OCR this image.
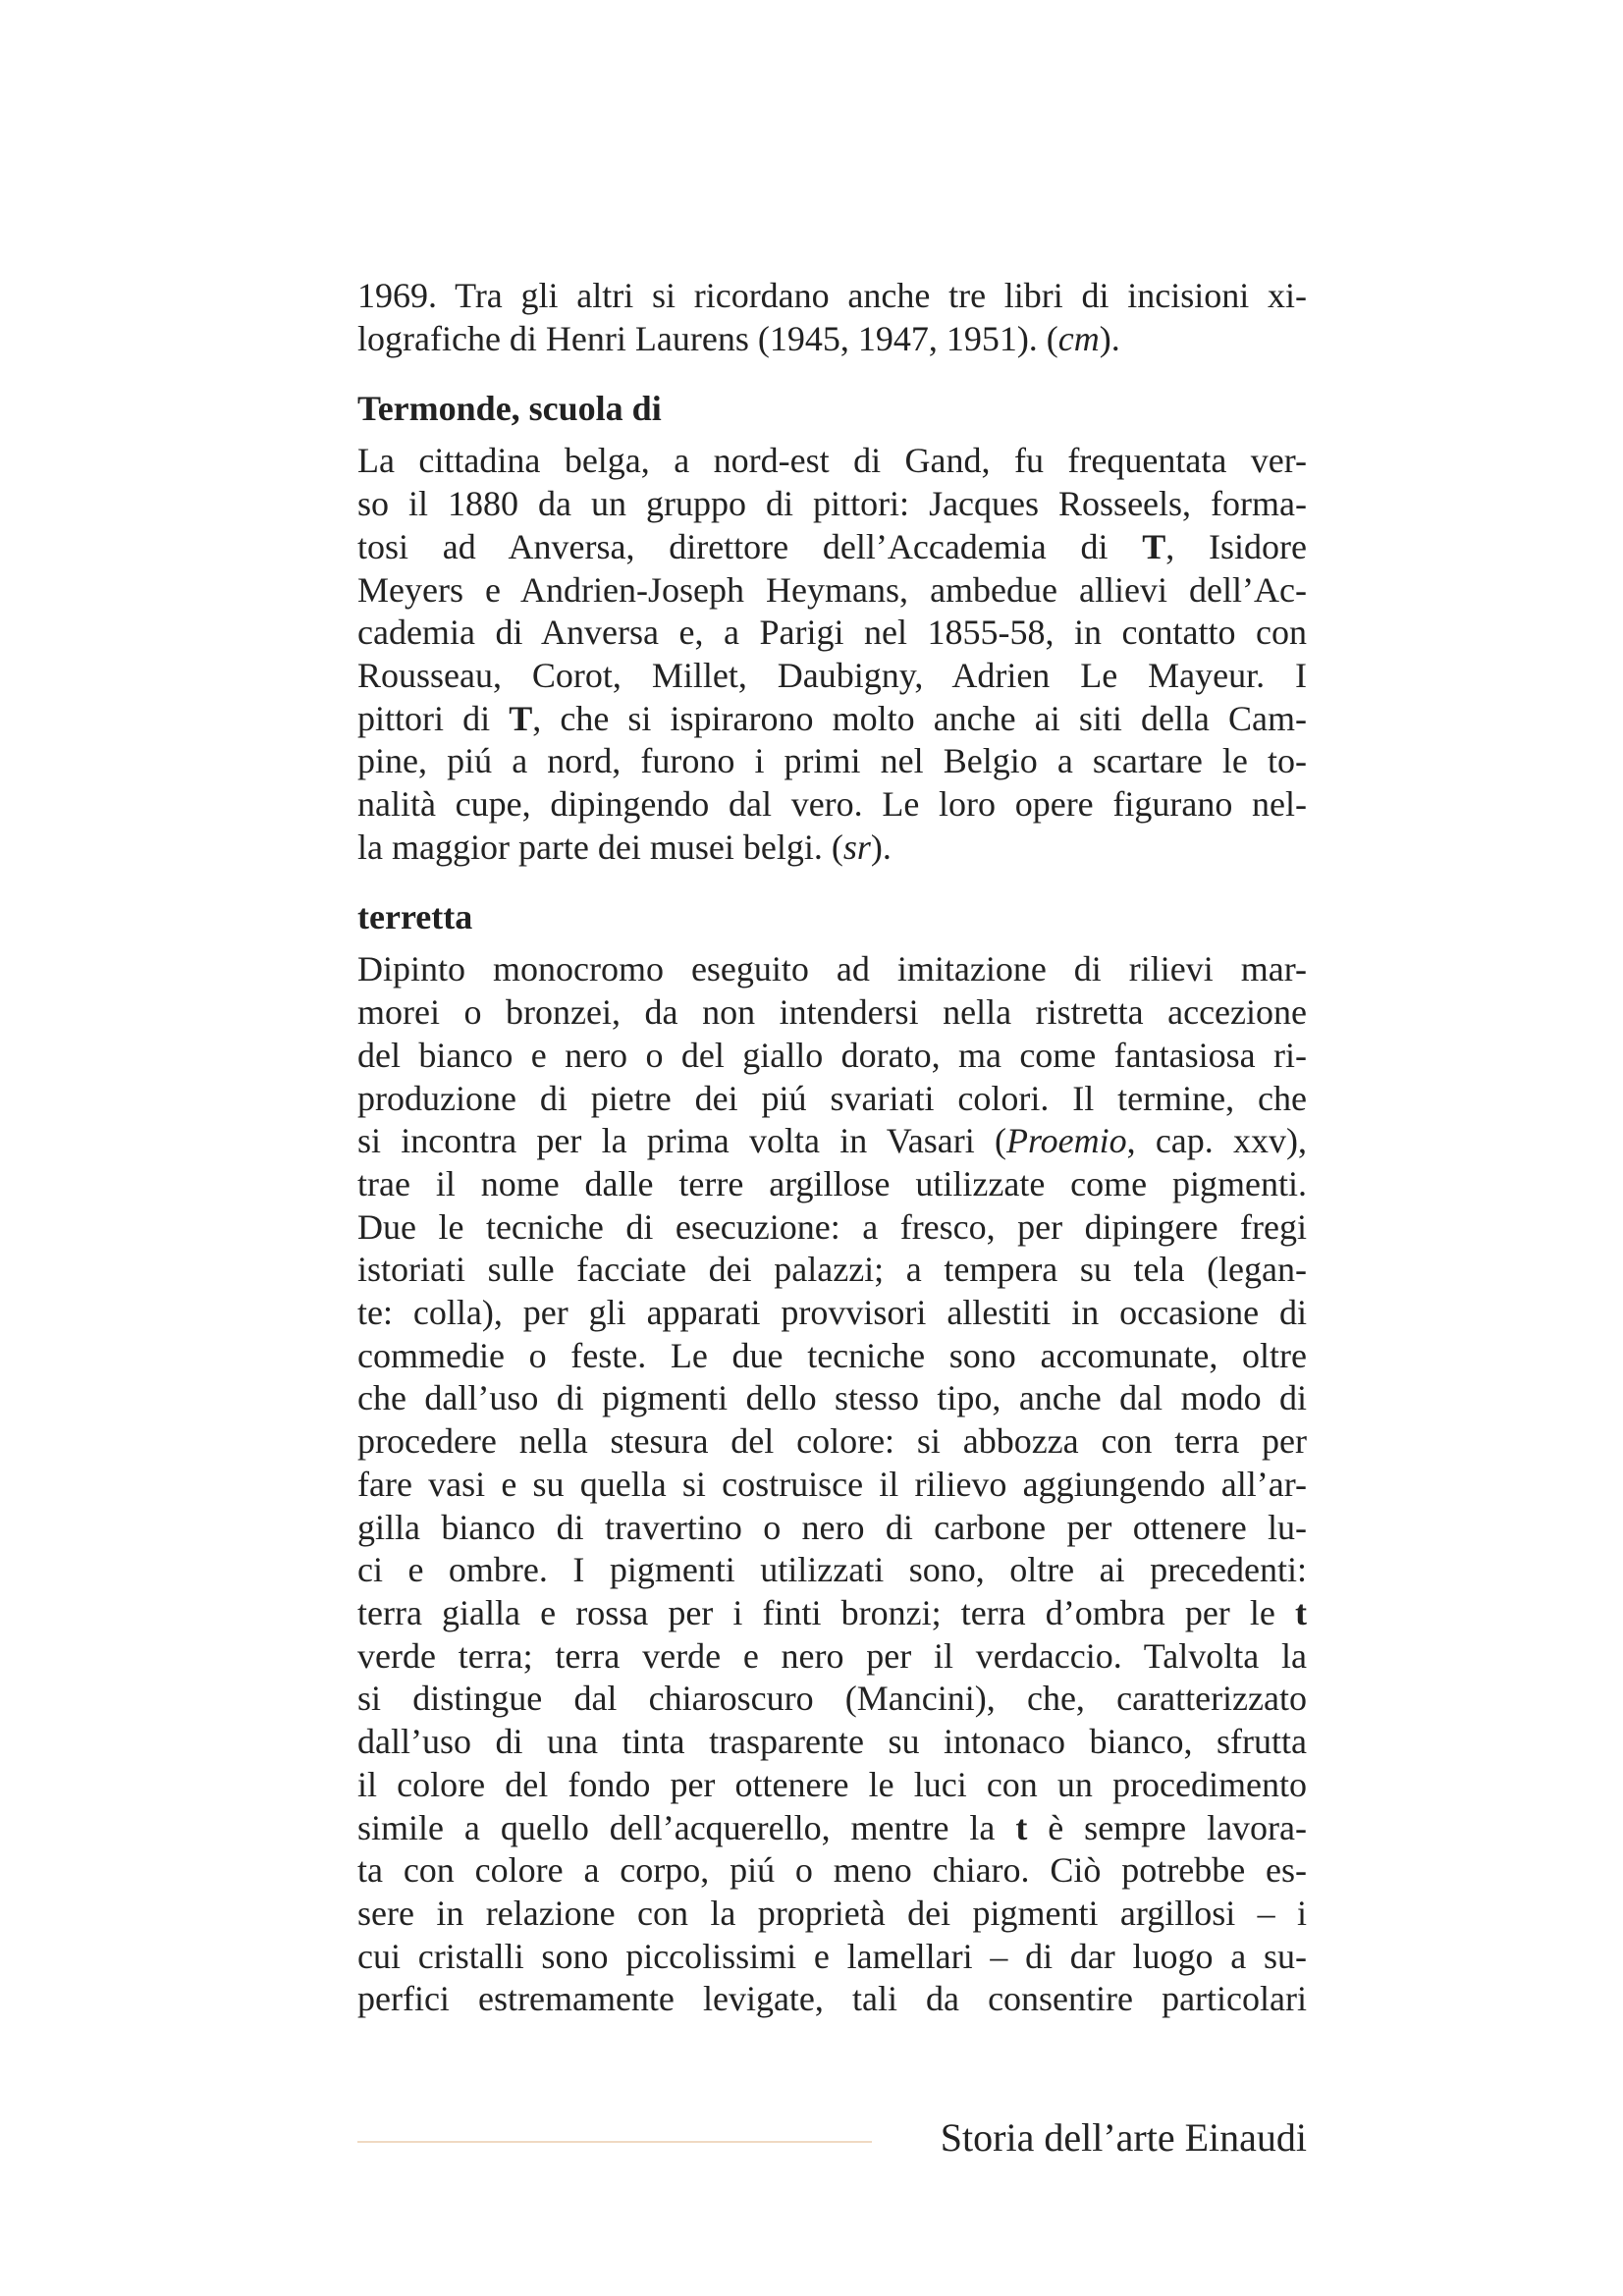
1969. Tra gli altri si ricordano anche tre libri di incisioni xi-
lografiche di Henri Laurens (1945, 1947, 1951). (cm).
Termonde, scuola di
La cittadina belga, a nord-est di Gand, fu frequentata ver-
so il 1880 da un gruppo di pittori: Jacques Rosseels, forma-
tosi ad Anversa, direttore dell’Accademia di T, Isidore
Meyers e Andrien-Joseph Heymans, ambedue allievi dell’Ac-
cademia di Anversa e, a Parigi nel 1855-58, in contatto con
Rousseau, Corot, Millet, Daubigny, Adrien Le Mayeur. I
pittori di T, che si ispirarono molto anche ai siti della Cam-
pine, piú a nord, furono i primi nel Belgio a scartare le to-
nalità cupe, dipingendo dal vero. Le loro opere figurano nel-
la maggior parte dei musei belgi. (sr).
terretta
Dipinto monocromo eseguito ad imitazione di rilievi mar-
morei o bronzei, da non intendersi nella ristretta accezione
del bianco e nero o del giallo dorato, ma come fantasiosa ri-
produzione di pietre dei piú svariati colori. Il termine, che
si incontra per la prima volta in Vasari (Proemio, cap. xxv),
trae il nome dalle terre argillose utilizzate come pigmenti.
Due le tecniche di esecuzione: a fresco, per dipingere fregi
istoriati sulle facciate dei palazzi; a tempera su tela (legan-
te: colla), per gli apparati provvisori allestiti in occasione di
commedie o feste. Le due tecniche sono accomunate, oltre
che dall’uso di pigmenti dello stesso tipo, anche dal modo di
procedere nella stesura del colore: si abbozza con terra per
fare vasi e su quella si costruisce il rilievo aggiungendo all’ar-
gilla bianco di travertino o nero di carbone per ottenere lu-
ci e ombre. I pigmenti utilizzati sono, oltre ai precedenti:
terra gialla e rossa per i finti bronzi; terra d’ombra per le t
verde terra; terra verde e nero per il verdaccio. Talvolta la
si distingue dal chiaroscuro (Mancini), che, caratterizzato
dall’uso di una tinta trasparente su intonaco bianco, sfrutta
il colore del fondo per ottenere le luci con un procedimento
simile a quello dell’acquerello, mentre la t è sempre lavora-
ta con colore a corpo, piú o meno chiaro. Ciò potrebbe es-
sere in relazione con la proprietà dei pigmenti argillosi – i
cui cristalli sono piccolissimi e lamellari – di dar luogo a su-
perfici estremamente levigate, tali da consentire particolari
Storia dell’arte Einaudi
